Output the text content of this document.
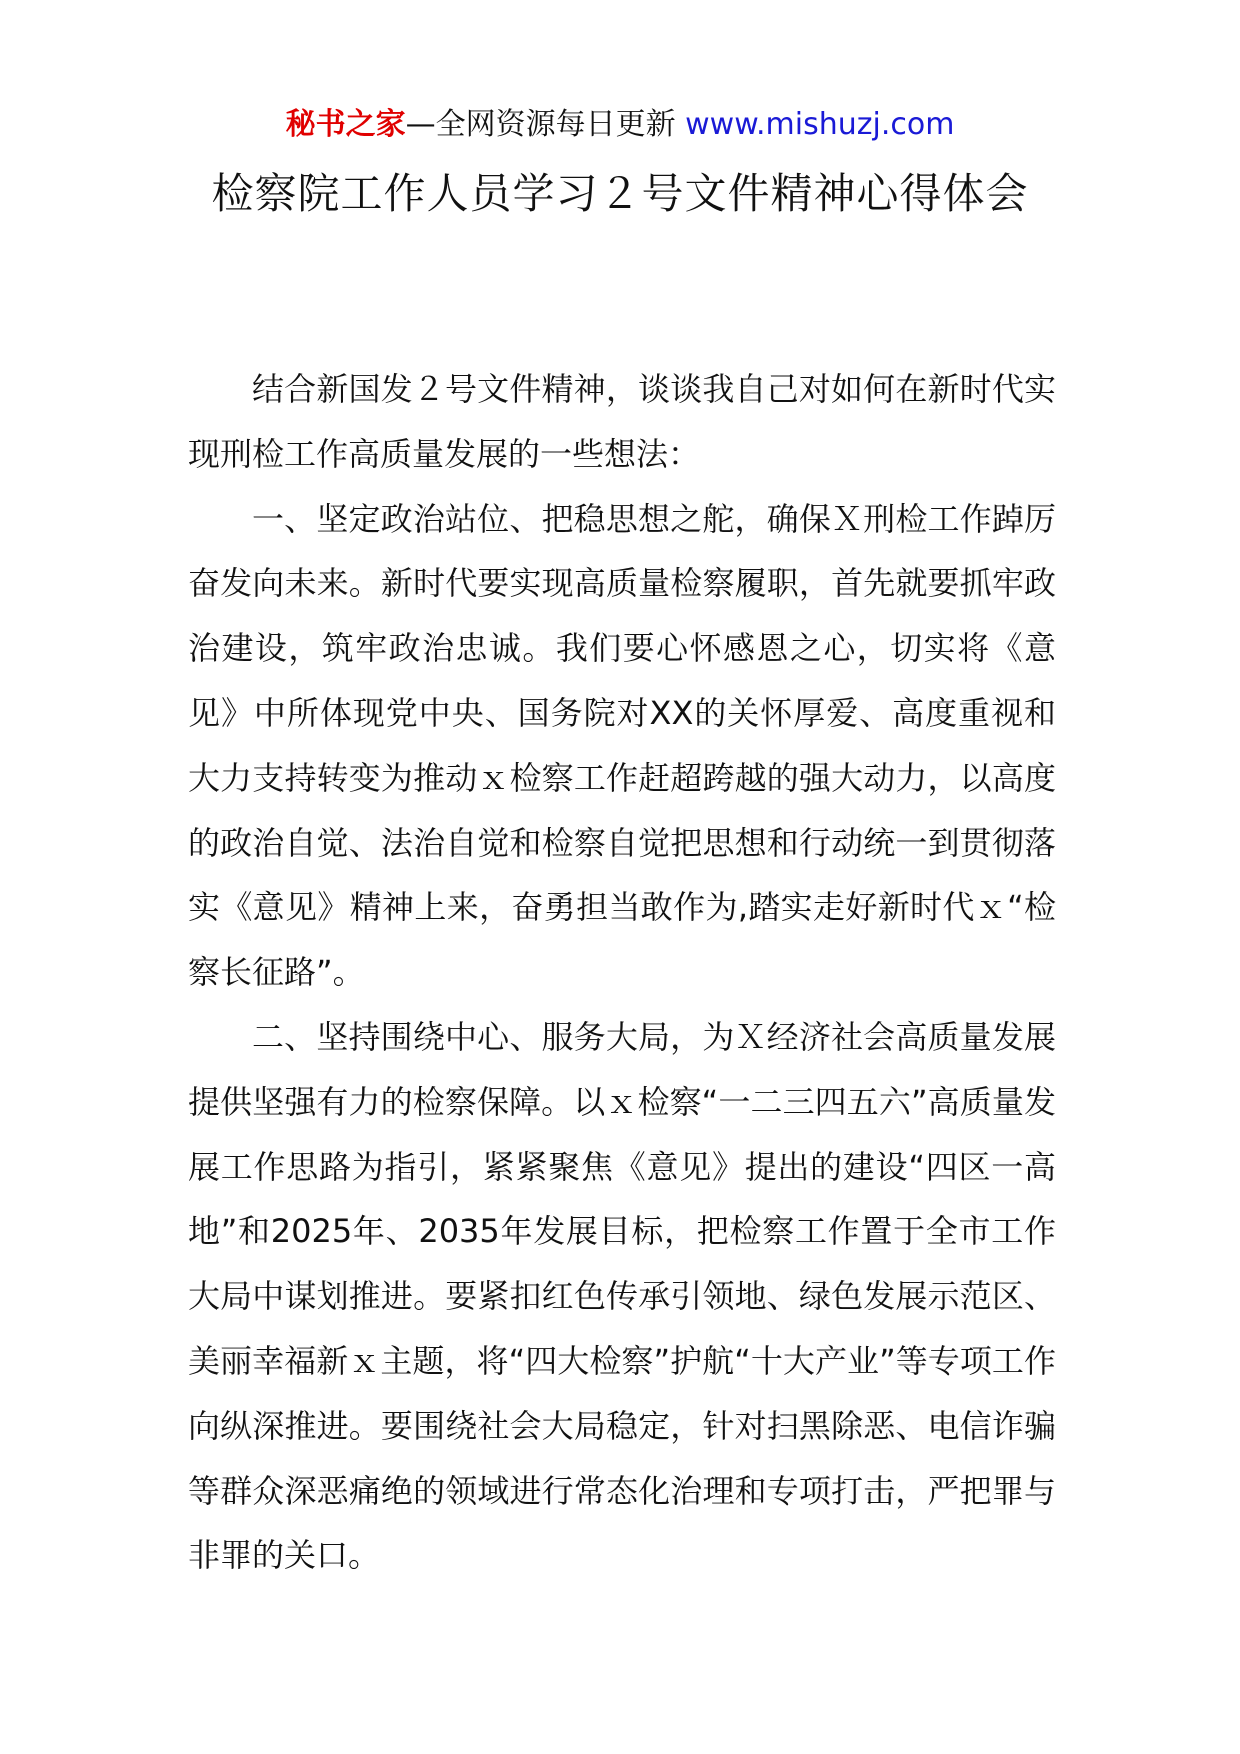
秘书之家—全网资源每日更新 www.mishuzj.com
检察院工作人员学习２号文件精神心得体会

结合新国发２号文件精神，谈谈我自己对如何在新时代实现刑检工作高质量发展的一些想法：

一、坚定政治站位、把稳思想之舵，确保Ｘ刑检工作踔厉奋发向未来。新时代要实现高质量检察履职，首先就要抓牢政治建设，筑牢政治忠诚。我们要心怀感恩之心，切实将《意见》中所体现党中央、国务院对XX的关怀厚爱、高度重视和大力支持转变为推动ｘ检察工作赶超跨越的强大动力，以高度的政治自觉、法治自觉和检察自觉把思想和行动统一到贯彻落实《意见》精神上来，奋勇担当敢作为,踏实走好新时代ｘ“检察长征路”。

二、坚持围绕中心、服务大局，为Ｘ经济社会高质量发展提供坚强有力的检察保障。以ｘ检察“一二三四五六”高质量发展工作思路为指引，紧紧聚焦《意见》提出的建设“四区一高地”和2025年、2035年发展目标，把检察工作置于全市工作大局中谋划推进。要紧扣红色传承引领地、绿色发展示范区、美丽幸福新ｘ主题，将“四大检察”护航“十大产业”等专项工作向纵深推进。要围绕社会大局稳定，针对扫黑除恶、电信诈骗等群众深恶痛绝的领域进行常态化治理和专项打击，严把罪与非罪的关口。
